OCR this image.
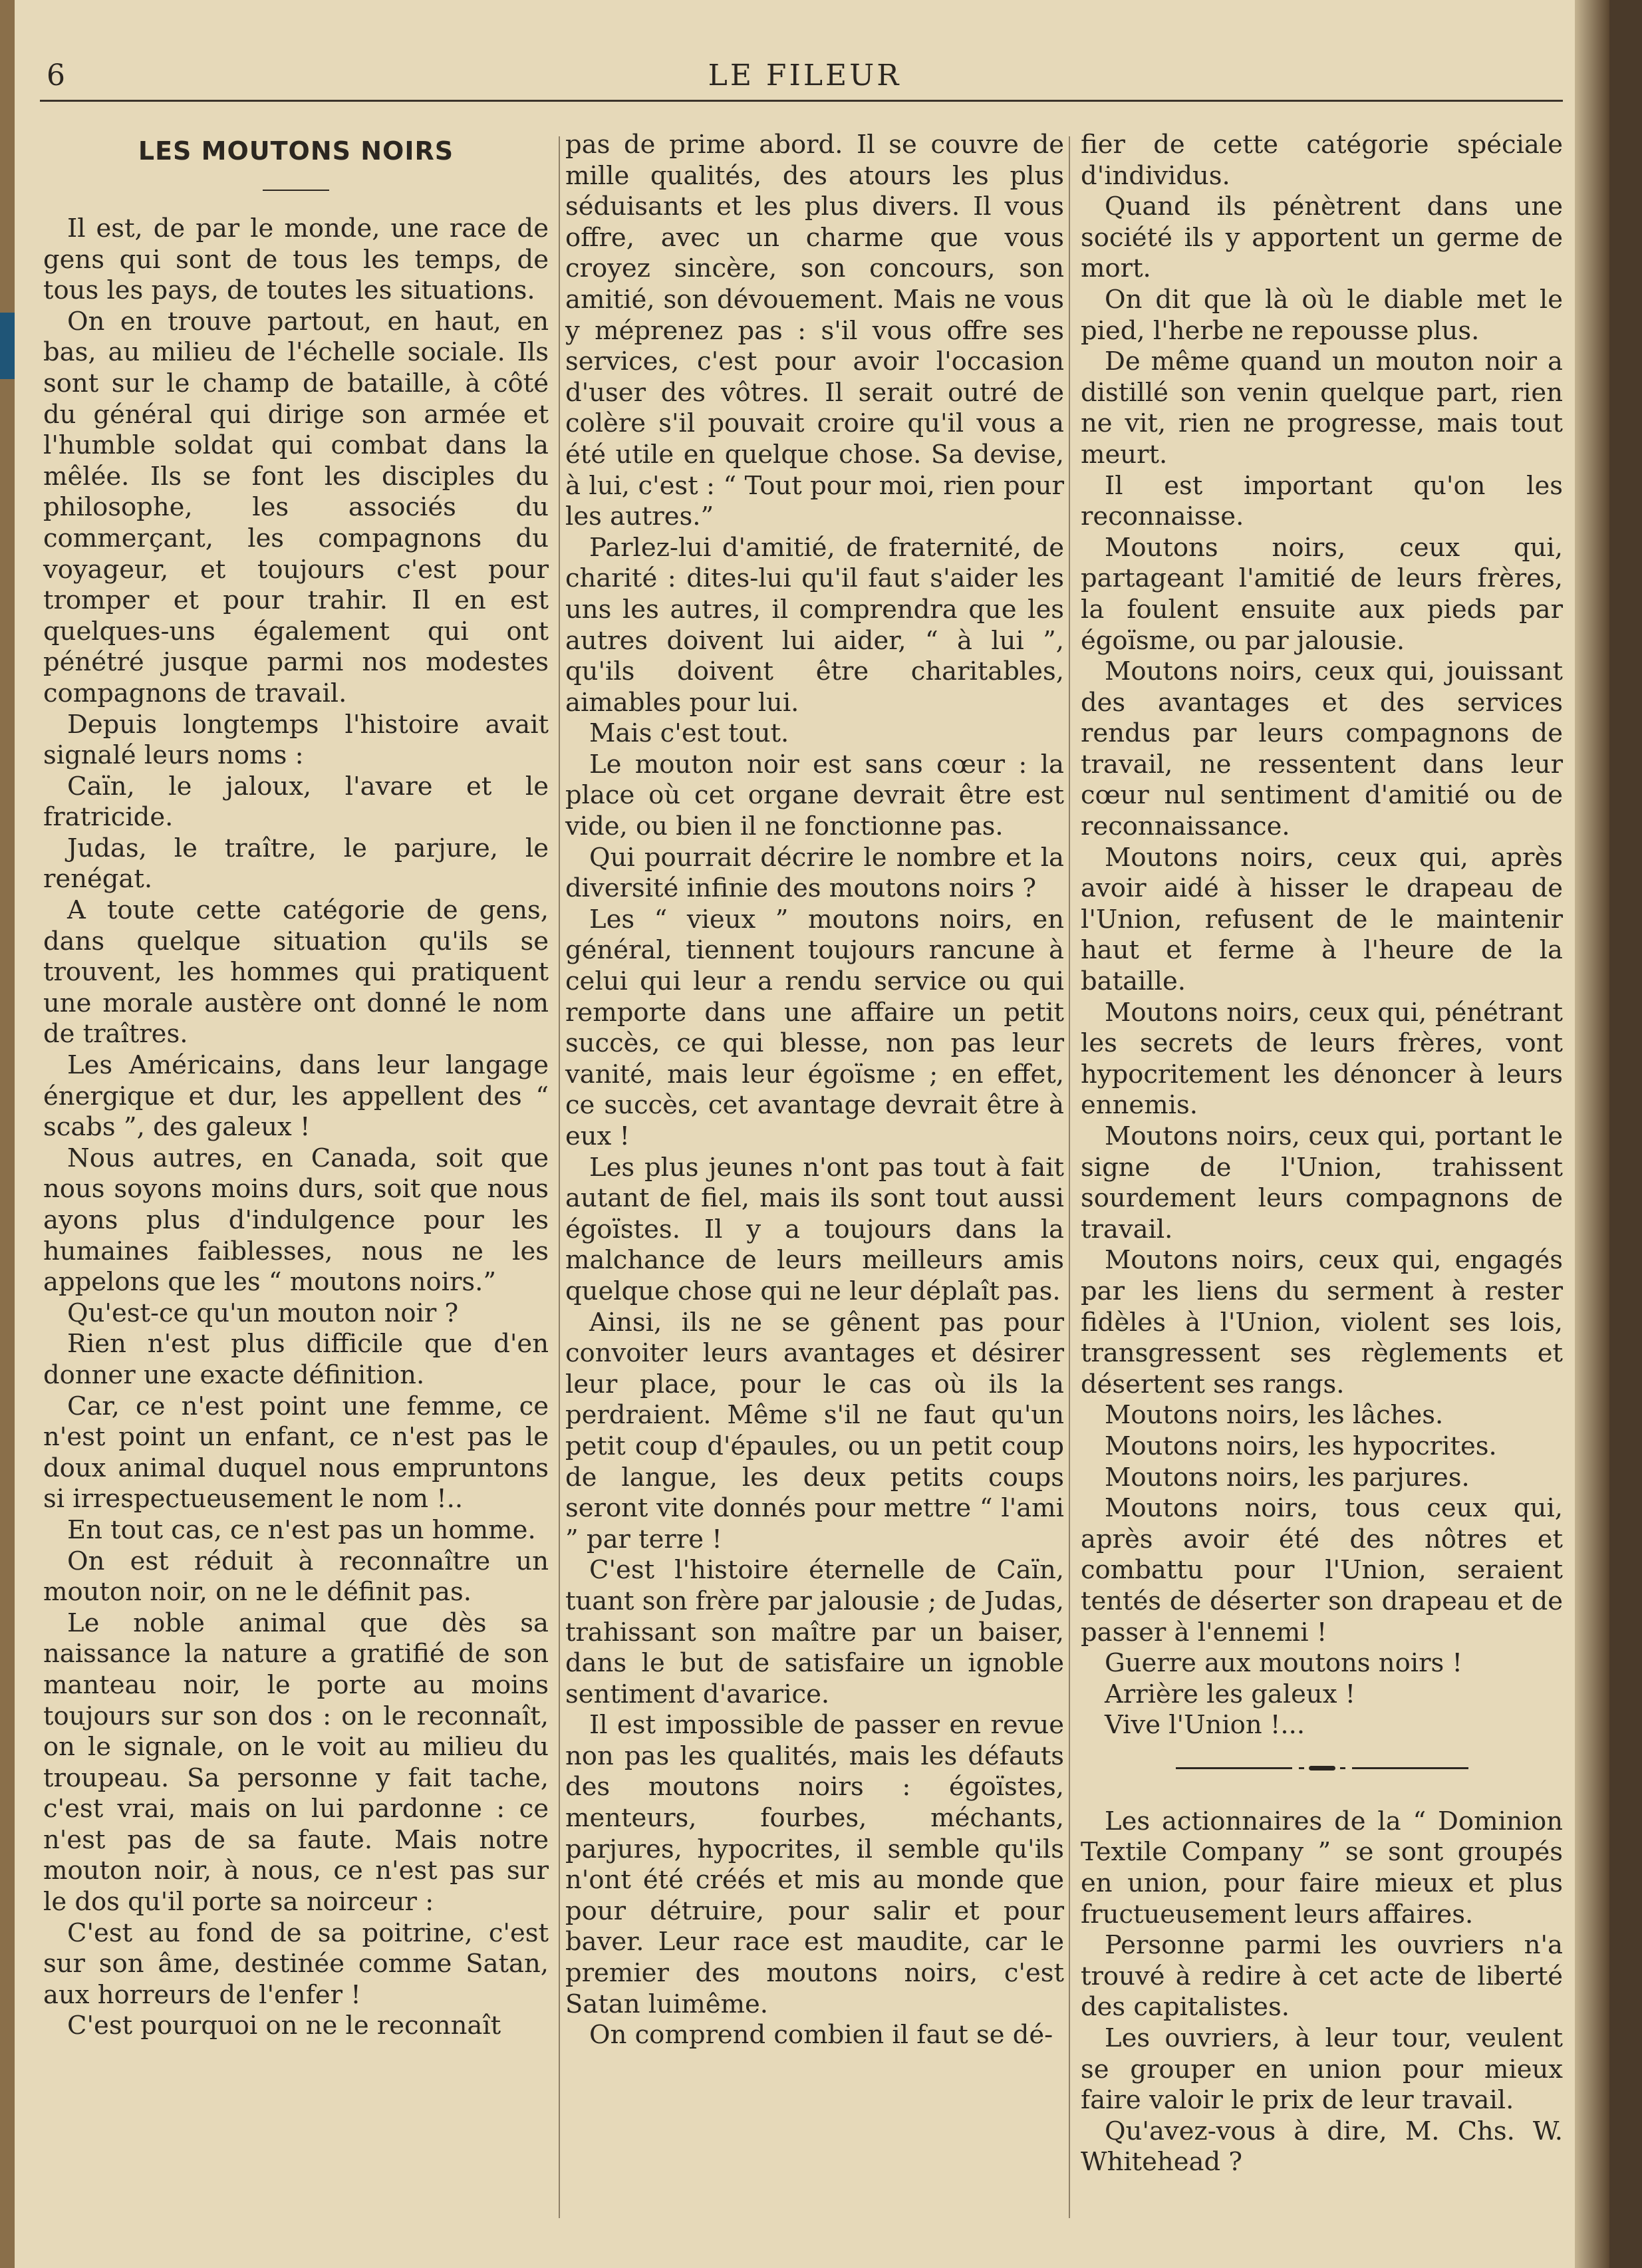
LE FILEUR
6
LES MOUTONS NOIRS

Il est, de par le monde, une race de gens qui sont de tous les temps, de tous les pays, de toutes les situations.

On en trouve partout, en haut, en bas, au milieu de l'échelle sociale. Ils sont sur le champ de bataille, à côté du général qui dirige son armée et l'humble soldat qui combat dans la mêlée. Ils se font les disciples du philosophe, les associés du commerçant, les compagnons du voyageur, et toujours c'est pour tromper et pour trahir. Il en est quelques-uns également qui ont pénétré jusque parmi nos modestes compagnons de travail.

Depuis longtemps l'histoire avait signalé leurs noms :

Caïn, le jaloux, l'avare et le fratricide.

Judas, le traître, le parjure, le renégat.

A toute cette catégorie de gens, dans quelque situation qu'ils se trouvent, les hommes qui pratiquent une morale austère ont donné le nom de traîtres.

Les Américains, dans leur langage énergique et dur, les appellent des “ scabs ”, des galeux !

Nous autres, en Canada, soit que nous soyons moins durs, soit que nous ayons plus d'indulgence pour les humaines faiblesses, nous ne les appelons que les “ moutons noirs.”

Qu'est-ce qu'un mouton noir ?

Rien n'est plus difficile que d'en donner une exacte définition.

Car, ce n'est point une femme, ce n'est point un enfant, ce n'est pas le doux animal duquel nous empruntons si irrespectueusement le nom !..

En tout cas, ce n'est pas un homme.

On est réduit à reconnaître un mouton noir, on ne le définit pas.

Le noble animal que dès sa naissance la nature a gratifié de son manteau noir, le porte au moins toujours sur son dos : on le reconnaît, on le signale, on le voit au milieu du troupeau. Sa personne y fait tache, c'est vrai, mais on lui pardonne : ce n'est pas de sa faute. Mais notre mouton noir, à nous, ce n'est pas sur le dos qu'il porte sa noirceur :

C'est au fond de sa poitrine, c'est sur son âme, destinée comme Satan, aux horreurs de l'enfer !

C'est pourquoi on ne le reconnaît

pas de prime abord. Il se couvre de mille qualités, des atours les plus séduisants et les plus divers. Il vous offre, avec un charme que vous croyez sincère, son concours, son amitié, son dévouement. Mais ne vous y méprenez pas : s'il vous offre ses services, c'est pour avoir l'occasion d'user des vôtres. Il serait outré de colère s'il pouvait croire qu'il vous a été utile en quelque chose. Sa devise, à lui, c'est : “ Tout pour moi, rien pour les autres.”

Parlez-lui d'amitié, de fraternité, de charité : dites-lui qu'il faut s'aider les uns les autres, il comprendra que les autres doivent lui aider, “ à lui ”, qu'ils doivent être charitables, aimables pour lui.

Mais c'est tout.

Le mouton noir est sans cœur : la place où cet organe devrait être est vide, ou bien il ne fonctionne pas.

Qui pourrait décrire le nombre et la diversité infinie des moutons noirs ?

Les “ vieux ” moutons noirs, en général, tiennent toujours rancune à celui qui leur a rendu service ou qui remporte dans une affaire un petit succès, ce qui blesse, non pas leur vanité, mais leur égoïsme ; en effet, ce succès, cet avantage devrait être à eux !

Les plus jeunes n'ont pas tout à fait autant de fiel, mais ils sont tout aussi égoïstes. Il y a toujours dans la malchance de leurs meilleurs amis quelque chose qui ne leur déplaît pas.

Ainsi, ils ne se gênent pas pour convoiter leurs avantages et désirer leur place, pour le cas où ils la perdraient. Même s'il ne faut qu'un petit coup d'épaules, ou un petit coup de langue, les deux petits coups seront vite donnés pour mettre “ l'ami ” par terre !

C'est l'histoire éternelle de Caïn, tuant son frère par jalousie ; de Judas, trahissant son maître par un baiser, dans le but de satisfaire un ignoble sentiment d'avarice.

Il est impossible de passer en revue non pas les qualités, mais les défauts des moutons noirs : égoïstes, menteurs, fourbes, méchants, parjures, hypocrites, il semble qu'ils n'ont été créés et mis au monde que pour détruire, pour salir et pour baver. Leur race est maudite, car le premier des moutons noirs, c'est Satan luimême.

On comprend combien il faut se dé-

fier de cette catégorie spéciale d'individus.

Quand ils pénètrent dans une société ils y apportent un germe de mort.

On dit que là où le diable met le pied, l'herbe ne repousse plus.

De même quand un mouton noir a distillé son venin quelque part, rien ne vit, rien ne progresse, mais tout meurt.

Il est important qu'on les reconnaisse.

Moutons noirs, ceux qui, partageant l'amitié de leurs frères, la foulent ensuite aux pieds par égoïsme, ou par jalousie.

Moutons noirs, ceux qui, jouissant des avantages et des services rendus par leurs compagnons de travail, ne ressentent dans leur cœur nul sentiment d'amitié ou de reconnaissance.

Moutons noirs, ceux qui, après avoir aidé à hisser le drapeau de l'Union, refusent de le maintenir haut et ferme à l'heure de la bataille.

Moutons noirs, ceux qui, pénétrant les secrets de leurs frères, vont hypocritement les dénoncer à leurs ennemis.

Moutons noirs, ceux qui, portant le signe de l'Union, trahissent sourdement leurs compagnons de travail.

Moutons noirs, ceux qui, engagés par les liens du serment à rester fidèles à l'Union, violent ses lois, transgressent ses règlements et désertent ses rangs.

Moutons noirs, les lâches.

Moutons noirs, les hypocrites.

Moutons noirs, les parjures.

Moutons noirs, tous ceux qui, après avoir été des nôtres et combattu pour l'Union, seraient tentés de déserter son drapeau et de passer à l'ennemi !

Guerre aux moutons noirs !

Arrière les galeux !

Vive l'Union !...

Les actionnaires de la “ Dominion Textile Company ” se sont groupés en union, pour faire mieux et plus fructueusement leurs affaires.

Personne parmi les ouvriers n'a trouvé à redire à cet acte de liberté des capitalistes.

Les ouvriers, à leur tour, veulent se grouper en union pour mieux faire valoir le prix de leur travail.

Qu'avez-vous à dire, M. Chs. W. Whitehead ?
